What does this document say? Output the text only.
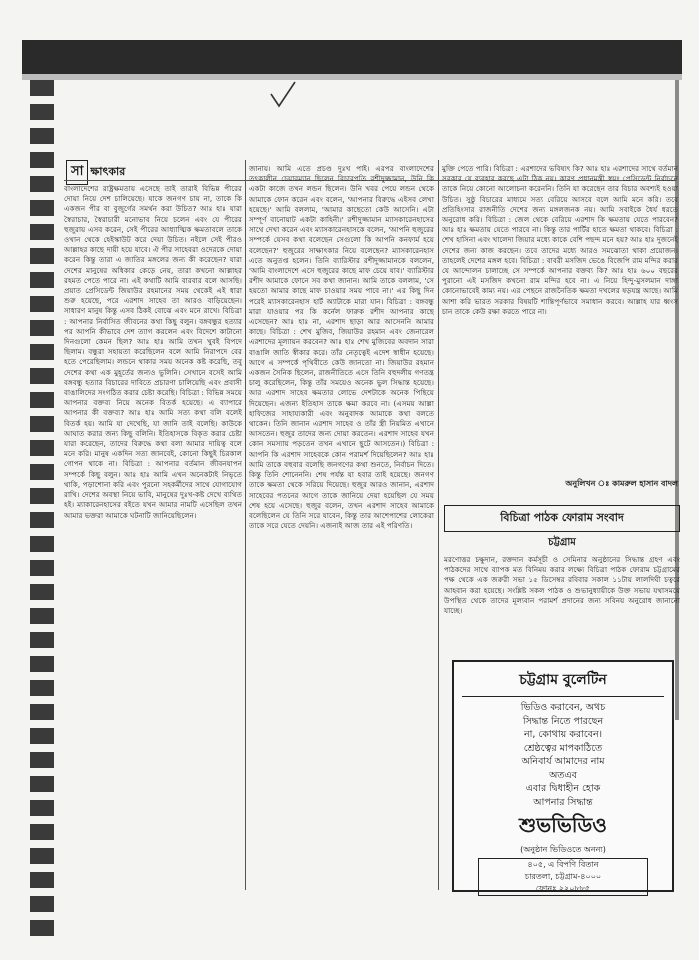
সা ক্ষাৎকার

বাংলাদেশের রাষ্ট্রক্ষমতায় এসেছে তাই তারাই বিভিন্ন পীরের দোয়া নিয়ে দেশ চালিয়েছে। যাকে জনগণ চায় না, তাকে কি একজন পীর বা বুজুর্গের সমর্থন করা উচিত? আঃ হাঃ যারা স্বৈরাচার, স্বৈরাচারী মনোভাব নিয়ে চলেন এবং যে পীরের হুজুরায় এসব করেন, সেই পীরের আধ্যাত্মিক ক্ষমতাবলে তাকে ওখান থেকে হেইস্কাউট করে দেয়া উচিত। নইলে সেই পীরও আল্লাহর কাছে দায়ী হয়ে যাবে। ঐ পীর সাহেবরা ওদেরকে দোয়া করেন কিন্তু তারা এ জাতির মঙ্গলের জন্য কী করেছেন? যারা দেশের মানুষের অধিকার কেড়ে নেয়, তারা কখনো আল্লাহর রহমত পেতে পারে না। এই কথাটি আমি বারবার বলে আসছি। প্রয়াত প্রেসিডেন্ট জিয়াউর রহমানের সময় থেকেই এই ধারা শুরু হয়েছে, পরে এরশাদ সাহেব তা আরও বাড়িয়েছেন। সাধারণ মানুষ কিন্তু এসব ঠিকই বোঝে এবং মনে রাখে। বিচিত্রা : আপনার নির্বাসিত জীবনের কথা কিছু বলুন। বঙ্গবন্ধুর হত্যার পর আপনি কীভাবে দেশ ত্যাগ করলেন এবং বিদেশে কাটানো দিনগুলো কেমন ছিল? আঃ হাঃ আমি তখন খুবই বিপদে ছিলাম। বন্ধুরা সহায়তা করেছিলেন বলে আমি নিরাপদে বের হতে পেরেছিলাম। লন্ডনে থাকার সময় অনেক কষ্ট করেছি, তবু দেশের কথা এক মুহূর্তের জন্যও ভুলিনি। সেখানে বসেই আমি বঙ্গবন্ধু হত্যার বিচারের দাবিতে প্রচারণা চালিয়েছি এবং প্রবাসী বাঙালিদের সংগঠিত করার চেষ্টা করেছি। বিচিত্রা : বিভিন্ন সময়ে আপনার বক্তব্য নিয়ে অনেক বিতর্ক হয়েছে। এ ব্যাপারে আপনার কী বক্তব্য? আঃ হাঃ আমি সত্য কথা বলি বলেই বিতর্ক হয়। আমি যা দেখেছি, যা জানি তাই বলেছি। কাউকে আঘাত করার জন্য কিছু বলিনি। ইতিহাসকে বিকৃত করার চেষ্টা যারা করেছেন, তাদের বিরুদ্ধে কথা বলা আমার দায়িত্ব বলে মনে করি। মানুষ একদিন সত্য জানবেই, কোনো কিছুই চিরকাল গোপন থাকে না। বিচিত্রা : আপনার বর্তমান জীবনযাপন সম্পর্কে কিছু বলুন। আঃ হাঃ আমি এখন অনেকটাই নিভৃতে থাকি, পড়াশোনা করি এবং পুরনো সহকর্মীদের সাথে যোগাযোগ রাখি। দেশের অবস্থা নিয়ে ভাবি, মানুষের দুঃখ-কষ্ট দেখে ব্যথিত হই। ম্যাকারেনহাসের বইতে যখন আমার নামটি এসেছিল তখন আমার ভক্তরা আমাকে ঘটনাটি জানিয়েছিলেন।

জানায়। আমি এতে প্রচণ্ড দুঃখ পাই। এরপর বাংলাদেশের তৎকালীন চেয়ারম্যান ছিলেন বিচারপতি রশীদুজ্জামান, উনি কি একটা কাজে তখন লন্ডন ছিলেন। উনি খবর পেয়ে লন্ডন থেকে আমাকে ফোন করেন এবং বলেন, 'আপনার বিরুদ্ধে এইসব লেখা হয়েছে।' আমি বললাম, 'আমার কাছেতো কেউ আসেনি। এটা সম্পূর্ণ বানোয়াট একটা কাহিনী।' রশীদুজ্জামান ম্যাসকারেনহাসের সাথে দেখা করেন এবং ম্যাসকারেনহাসকে বলেন, 'আপনি হুজুরের সম্পর্কে যেসব কথা বলেছেন সেগুলো কি আপনি কনফার্ম হয়ে বলেছেন?' হুজুরের সাক্ষাৎকার নিয়ে বলেছেন? ম্যাসকারেনহাস এতে অনুতপ্ত হলেন। তিনি ব্যারিস্টার রশীদুজ্জামানকে বললেন, 'আমি বাংলাদেশে এসে হুজুরের কাছে মাফ চেয়ে যাব।' ব্যারিস্টার রশীদ আমাকে ফোনে সব কথা জানান। আমি তাকে বললাম, 'সে হয়তো আমার কাছে মাফ চাওয়ার সময় পাবে না।' এর কিছু দিন পরেই ম্যাসকারেনহাস হার্ট অ্যাটাকে মারা যান। বিচিত্রা : বঙ্গবন্ধু মারা যাওয়ার পর কি কর্নেল ফারুক রশীদ আপনার কাছে এসেছেন? আঃ হাঃ না, এরশাদ ছাড়া আর আসেননি আমার কাছে। বিচিত্রা : শেখ মুজিব, জিয়াউর রহমান এবং জেনারেল এরশাদের মূল্যায়ন করবেন? আঃ হাঃ শেখ মুজিবের অবদান সারা বাঙালি জাতি স্বীকার করে। তাঁর নেতৃত্বেই এদেশ স্বাধীন হয়েছে। আগে এ সম্পর্কে পৃথিবীতে কেউ জানতো না। জিয়াউর রহমান একজন সৈনিক ছিলেন, রাজনীতিতে এসে তিনি বহুদলীয় গণতন্ত্র চালু করেছিলেন, কিন্তু তাঁর সময়েও অনেক ভুল সিদ্ধান্ত হয়েছে। আর এরশাদ সাহেব ক্ষমতার লোভে দেশটাকে অনেক পিছিয়ে দিয়েছেন। এজন্য ইতিহাস তাকে ক্ষমা করবে না। (এসময় আল্লা হাফিজের সাহায্যকারী এবং অনুবাদক আমাকে কথা বলতে থাকেন। তিনি জানান এরশাদ সাহেব ও তাঁর স্ত্রী নিয়মিত এখানে আসতেন। হুজুর তাদের জন্য দোয়া করতেন। এরশাদ সাহেব যখন কোন সমস্যায় পড়তেন তখন এখানে ছুটে আসতেন।) বিচিত্রা : আপনি কি এরশাদ সাহেবকে কোন পরামর্শ দিয়েছিলেন? আঃ হাঃ আমি তাকে বহুবার বলেছি জনগণের কথা শুনতে, নির্বাচন দিতে। কিন্তু তিনি শোনেননি। শেষ পর্যন্ত যা হবার তাই হয়েছে। জনগণ তাকে ক্ষমতা থেকে সরিয়ে দিয়েছে। হুজুর আরও জানান, এরশাদ সাহেবের পতনের আগে তাকে জানিয়ে দেয়া হয়েছিল যে সময় শেষ হয়ে এসেছে। হুজুর বলেন, তখন এরশাদ সাহেব আমাকে বলেছিলেন যে তিনি সরে যাবেন, কিন্তু তার আশেপাশের লোকেরা তাকে সরে যেতে দেয়নি। এজন্যই আজ তার এই পরিণতি।

মুক্তি পেতে পারি। বিচিত্রা : এরশাদের ভবিষ্যৎ কি? আঃ হাঃ এরশাদের সাথে বর্তমান সরকার যে ব্যবহার করছে এটা ঠিক নয়। কারণ প্রধানমন্ত্রী স্বয়ং প্রেসিডেন্ট নির্বাচনে তাকে নিয়ে কোনো আলোচনা করেননি। তিনি যা করেছেন তার বিচার অবশ্যই হওয়া উচিত। সুষ্ঠু বিচারের মাধ্যমে সত্য বেরিয়ে আসবে বলে আমি মনে করি। তবে প্রতিহিংসার রাজনীতি দেশের জন্য মঙ্গলজনক নয়। আমি সবাইকে ধৈর্য ধরতে অনুরোধ করি। বিচিত্রা : জেল থেকে বেরিয়ে এরশাদ কি ক্ষমতায় যেতে পারবেন? আঃ হাঃ ক্ষমতায় যেতে পারবে না। কিন্তু তার পার্টির হাতে ক্ষমতা থাকবে। বিচিত্রা : শেখ হাসিনা এবং খালেদা জিয়ার মধ্যে কাকে বেশি পছন্দ মনে হয়? আঃ হাঃ দুজনেই দেশের জন্য কাজ করছেন। তবে তাদের মধ্যে আরও সমঝোতা থাকা প্রয়োজন। তাহলেই দেশের মঙ্গল হবে। বিচিত্রা : বাবরী মসজিদ ভেঙে বিজেপি রাম মন্দির করার যে আন্দোলন চালাচ্ছে সে সম্পর্কে আপনার বক্তব্য কি? আঃ হাঃ ৬০০ বছরের পুরানো এই মসজিদ কখনো রাম মন্দির হবে না। এ নিয়ে হিন্দু-মুসলমান দাঙ্গা কোনোভাবেই কাম্য নয়। এর পেছনে রাজনৈতিক ক্ষমতা দখলের ষড়যন্ত্র আছে। আমি আশা করি ভারত সরকার বিষয়টি শান্তিপূর্ণভাবে সমাধান করবে। আল্লাহ যার ধ্বংস চান তাকে কেউ রক্ষা করতে পারে না।

অনুলিখন ঃ কামরুল হাসান বাদল
বিচিত্রা পাঠক ফোরাম সংবাদ
চট্টগ্রাম
মরণোত্তর চক্ষুদান, রক্তদান কর্মসূচী ও সেমিনার অনুষ্ঠানের সিদ্ধান্ত গ্রহণ এবং পাঠকদের সাথে ব্যাপক মত বিনিময় করার লক্ষ্যে বিচিত্রা পাঠক ফোরাম চট্টগ্রামের পক্ষ থেকে এক জরুরী সভা ১৫ ডিসেম্বর রবিবার সকাল ১১টায় লালদিঘী চত্বরে আহবান করা হয়েছে। সংশ্লিষ্ট সকল পাঠক ও শুভানুধ্যায়ীকে উক্ত সভায় যথাসময়ে উপস্থিত থেকে তাদের মূল্যবান পরামর্শ প্রদানের জন্য সবিনয় অনুরোধ জানানো যাচ্ছে।
চট্টগ্রাম বুলেটিন
ভিডিও করাবেন, অথচ
সিদ্ধান্ত নিতে পারছেন
না, কোথায় করাবেন।
শ্রেষ্ঠত্বের মাপকাঠিতে
অনিবার্য আমাদের নাম
অতএব
এবার দ্বিধাহীন হোক
আপনার সিদ্ধান্ত
শুভভিডিও
(অনুষ্ঠান ভিডিওতে অনন্য)
৪০৫, এ বিপণি বিতান
চারতলা, চট্টগ্রাম-৪০০০
ফোনঃ ২২০৮৮৫
